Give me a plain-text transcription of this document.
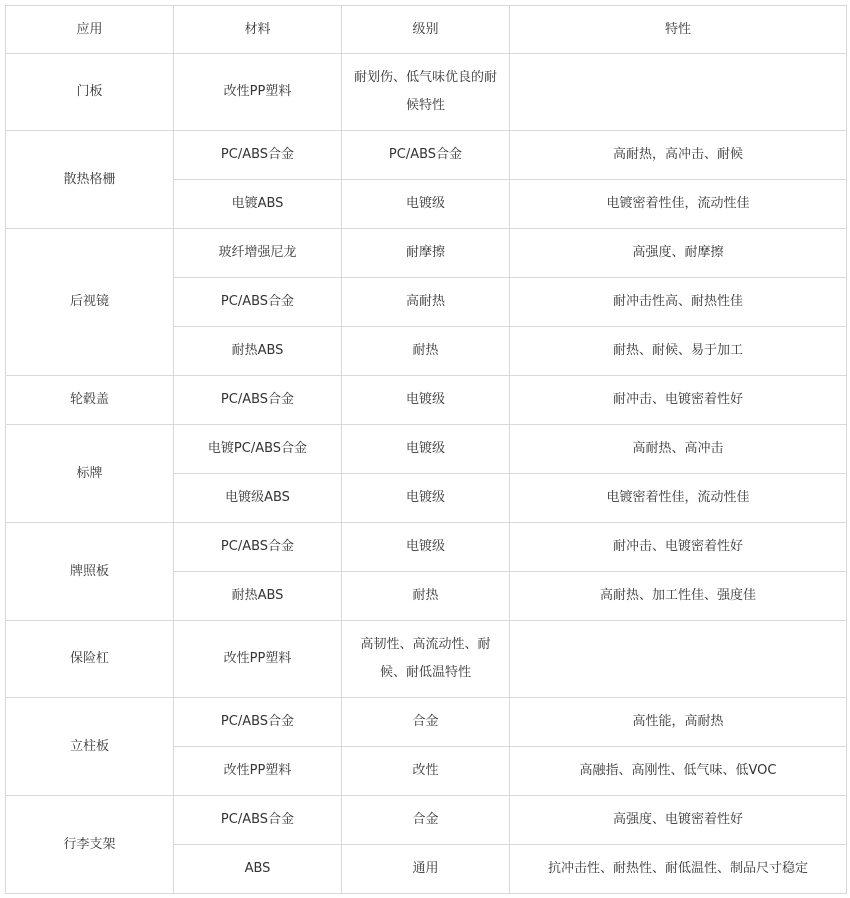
应用	材料	级别	特性
门板	改性PP塑料	耐划伤、低气味优良的耐候特性	
散热格栅	PC/ABS合金	PC/ABS合金	高耐热，高冲击、耐候
	电镀ABS	电镀级	电镀密着性佳，流动性佳
后视镜	玻纤增强尼龙	耐摩擦	高强度、耐摩擦
	PC/ABS合金	高耐热	耐冲击性高、耐热性佳
	耐热ABS	耐热	耐热、耐候、易于加工
轮毂盖	PC/ABS合金	电镀级	耐冲击、电镀密着性好
标牌	电镀PC/ABS合金	电镀级	高耐热、高冲击
	电镀级ABS	电镀级	电镀密着性佳，流动性佳
牌照板	PC/ABS合金	电镀级	耐冲击、电镀密着性好
	耐热ABS	耐热	高耐热、加工性佳、强度佳
保险杠	改性PP塑料	高韧性、高流动性、耐候、耐低温特性	
立柱板	PC/ABS合金	合金	高性能，高耐热
	改性PP塑料	改性	高融指、高刚性、低气味、低VOC
行李支架	PC/ABS合金	合金	高强度、电镀密着性好
	ABS	通用	抗冲击性、耐热性、耐低温性、制品尺寸稳定
